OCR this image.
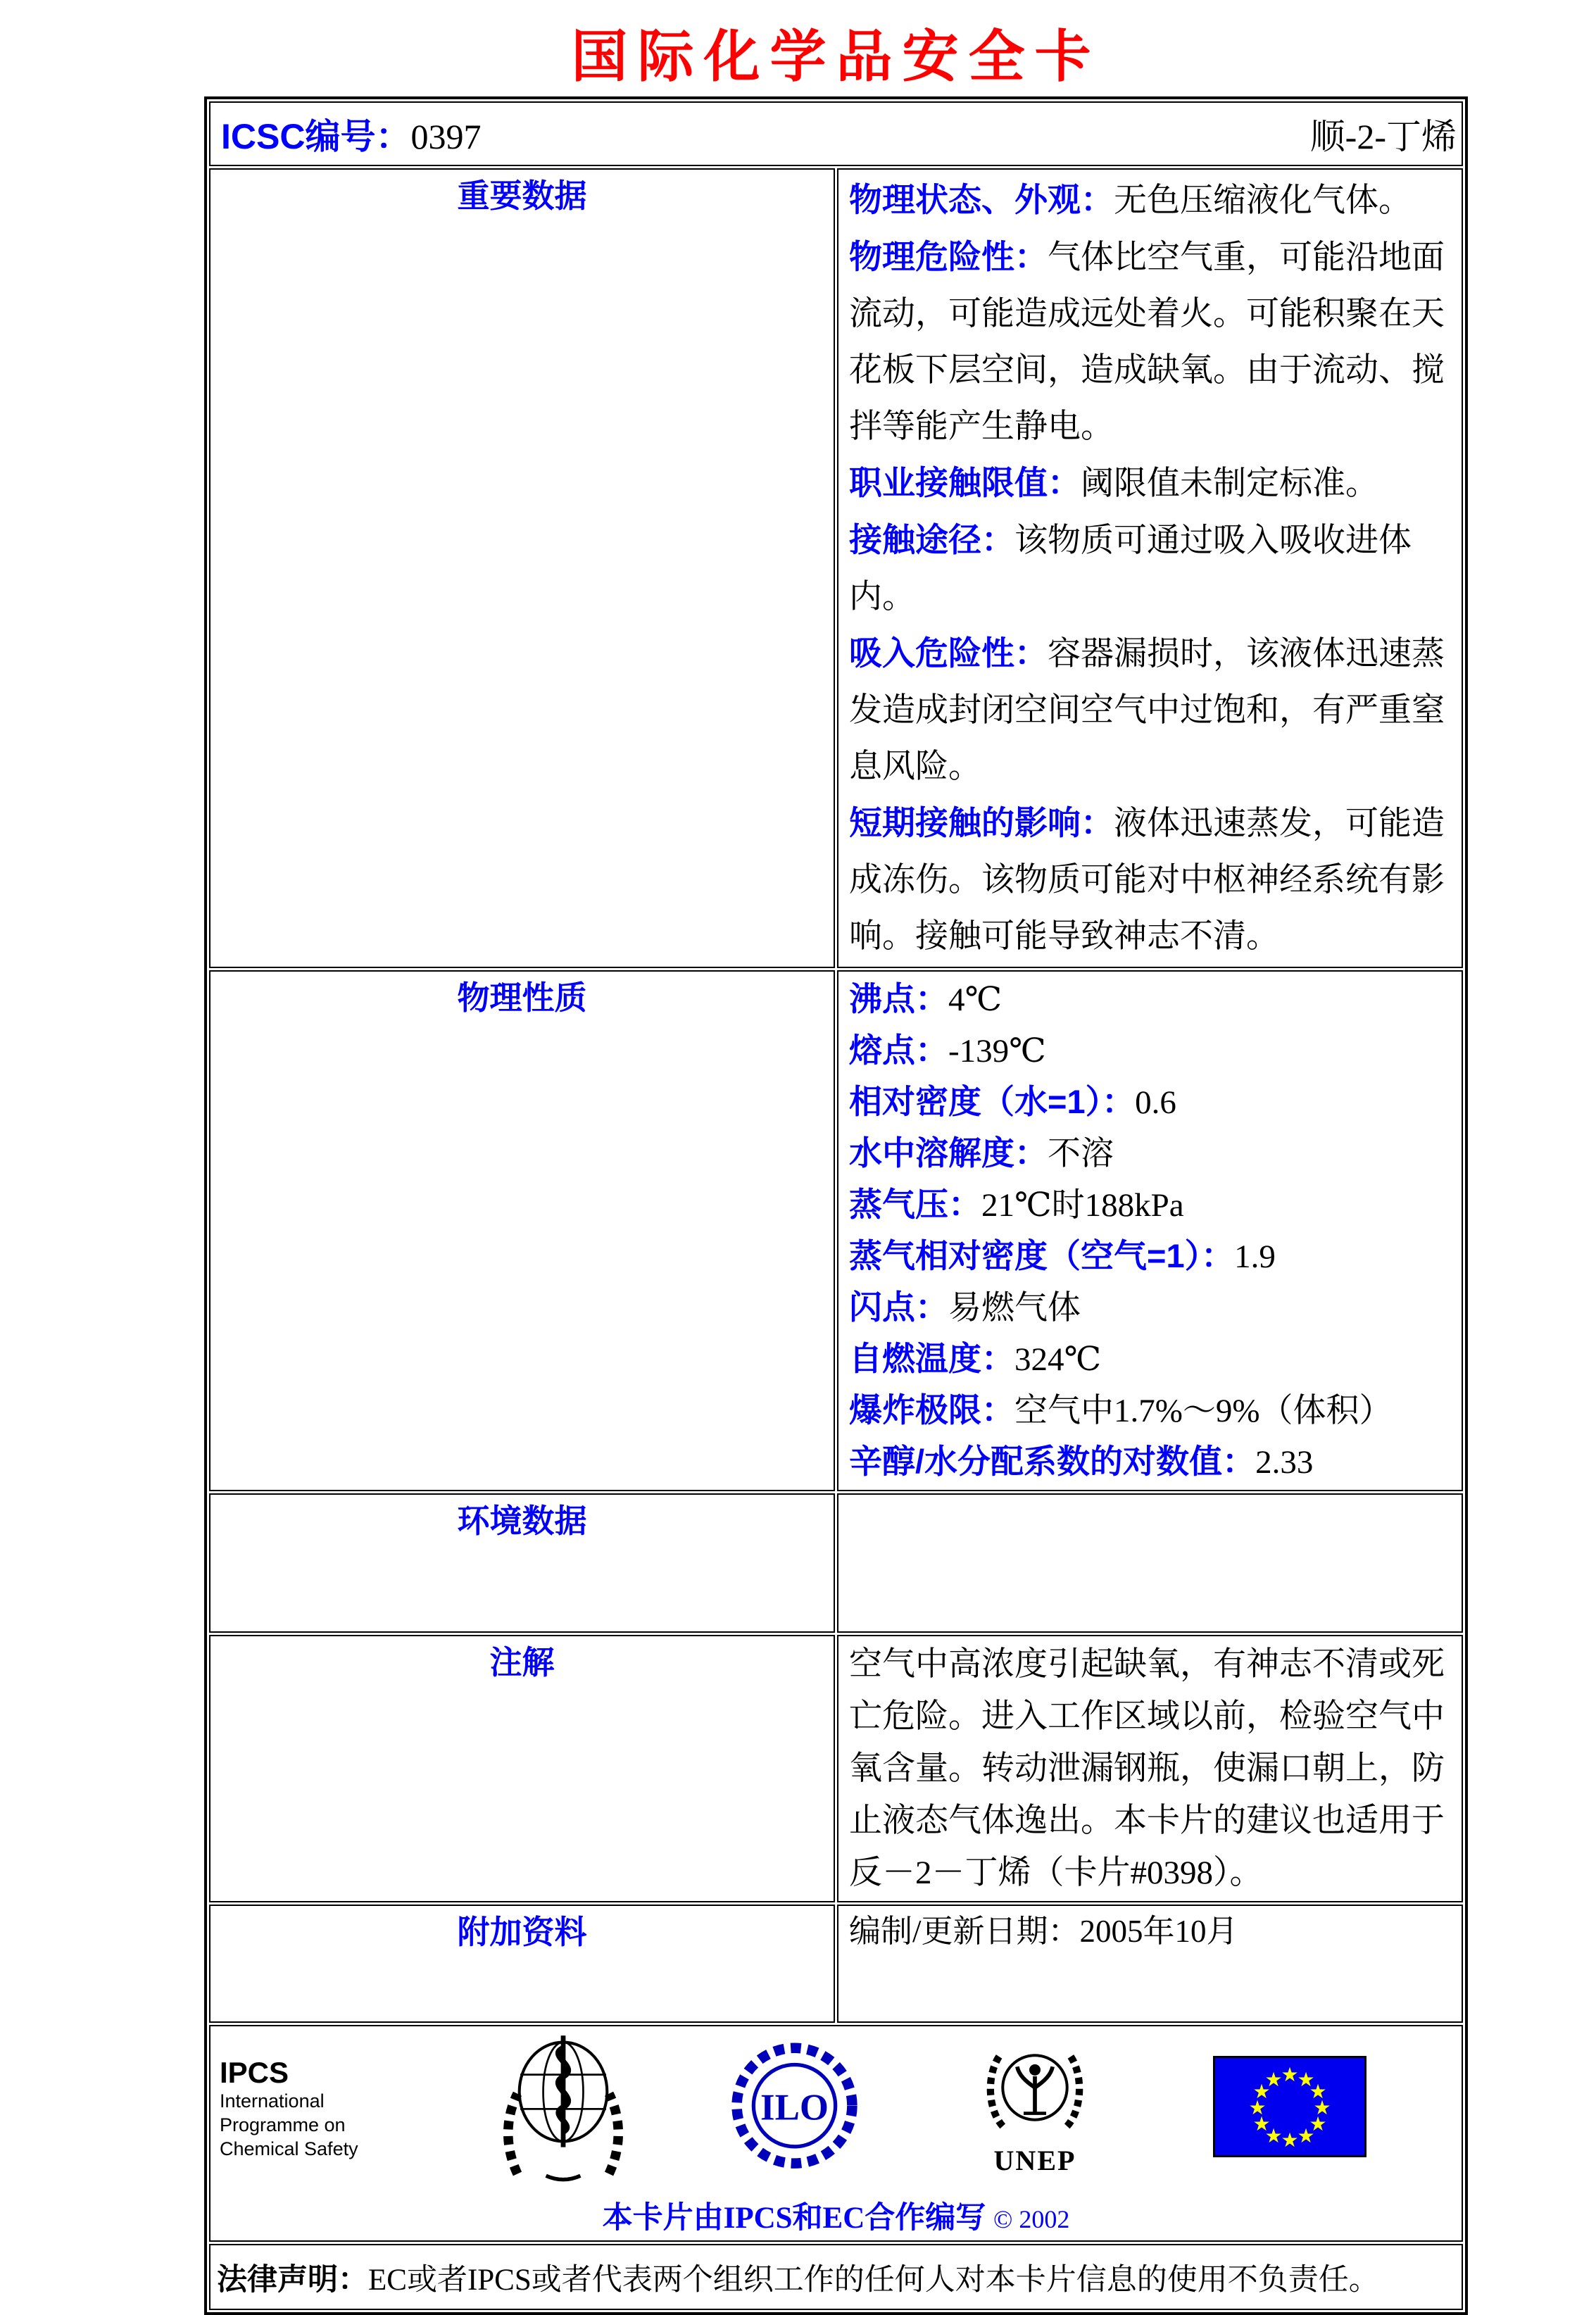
国际化学品安全卡
ICSC编号：0397 顺-2-丁烯	

重要数据	物理状态、外观：无色压缩液化气体。
物理危险性：气体比空气重，可能沿地面流动，可能造成远处着火。可能积聚在天花板下层空间，造成缺氧。由于流动、搅拌等能产生静电。
职业接触限值：阈限值未制定标准。
接触途径：该物质可通过吸入吸收进体内。
吸入危险性：容器漏损时，该液体迅速蒸发造成封闭空间空气中过饱和，有严重窒息风险。
短期接触的影响：液体迅速蒸发，可能造成冻伤。该物质可能对中枢神经系统有影响。接触可能导致神志不清。

物理性质	沸点：4℃
熔点：-139℃
相对密度（水=1）：0.6
水中溶解度：不溶
蒸气压：21℃时188kPa
蒸气相对密度（空气=1）：1.9
闪点：易燃气体
自燃温度：324℃
爆炸极限：空气中1.7%～9%（体积）
辛醇/水分配系数的对数值：2.33

环境数据	

注解	空气中高浓度引起缺氧，有神志不清或死亡危险。进入工作区域以前，检验空气中氧含量。转动泄漏钢瓶，使漏口朝上，防止液态气体逸出。本卡片的建议也适用于反－2－丁烯（卡片#0398）。

附加资料	编制/更新日期：2005年10月

IPCS
International
Programme on
Chemical Safety
ILO
UNEP
★
★
★
★
★
★
★
★
★
★
★
★
本卡片由IPCS和EC合作编写 © 2002

法律声明： EC或者IPCS或者代表两个组织工作的任何人对本卡片信息的使用不负责任。	
